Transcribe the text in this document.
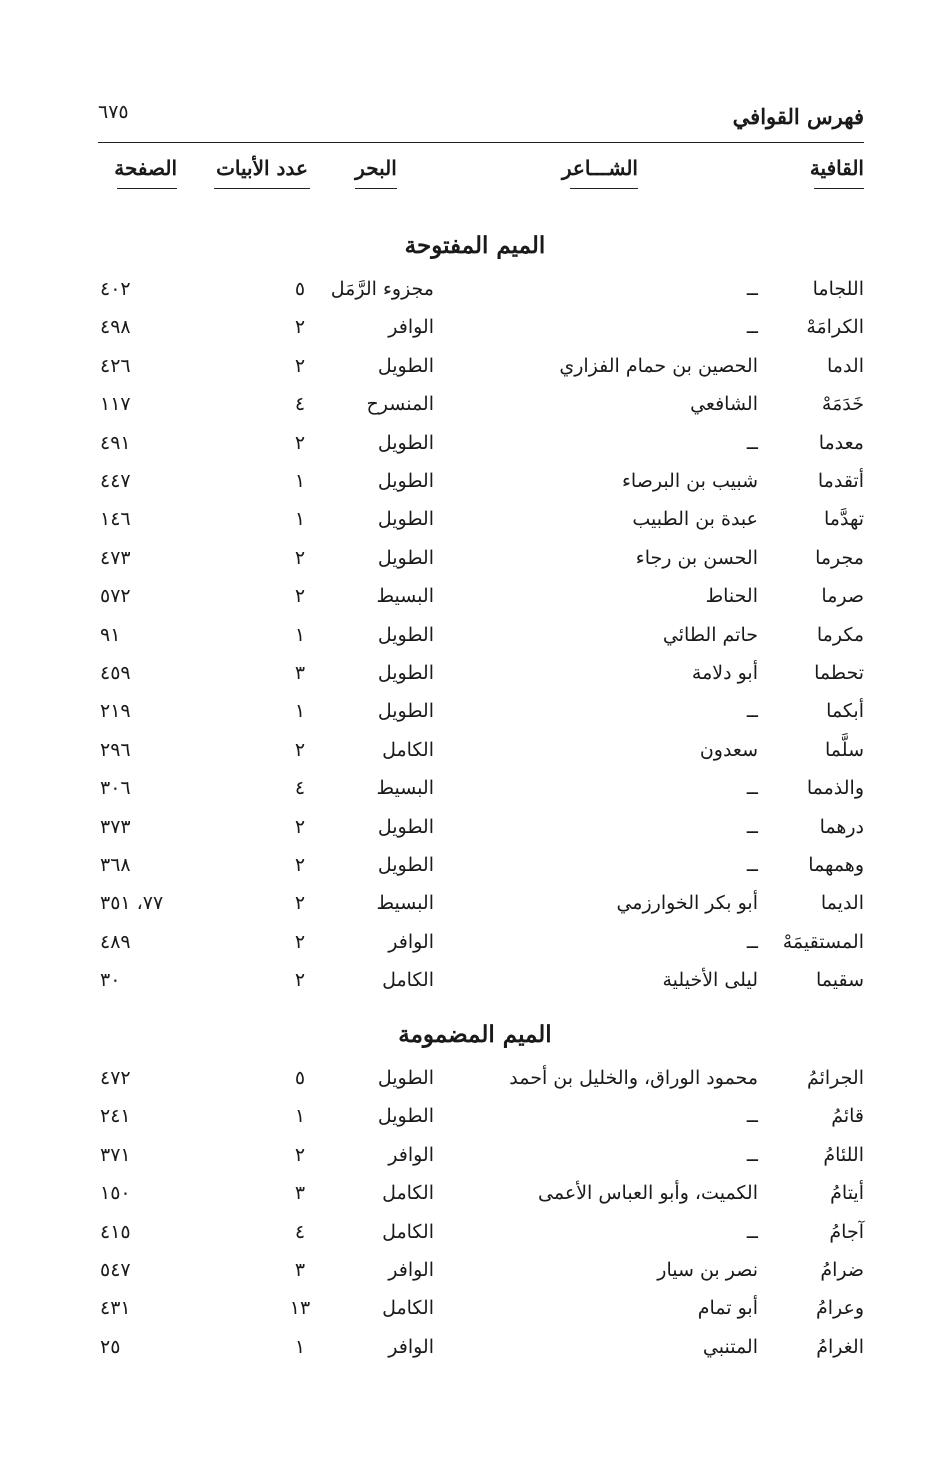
فهرس القوافي
٦٧٥
القافية
الشـــاعر
البحر
عدد الأبيات
الصفحة
الميم المفتوحة
اللجاما
ــ
مجزوء الرَّمَل
٥
٤٠٢
الكرامَهْ
ــ
الوافر
٢
٤٩٨
الدما
الحصين بن حمام الفزاري
الطويل
٢
٤٢٦
خَدَمَهْ
الشافعي
المنسرح
٤
١١٧
معدما
ــ
الطويل
٢
٤٩١
أتقدما
شبيب بن البرصاء
الطويل
١
٤٤٧
تهدَّما
عبدة بن الطبيب
الطويل
١
١٤٦
مجرما
الحسن بن رجاء
الطويل
٢
٤٧٣
صرما
الحناط
البسيط
٢
٥٧٢
مكرما
حاتم الطائي
الطويل
١
٩١
تحطما
أبو دلامة
الطويل
٣
٤٥٩
أبكما
ــ
الطويل
١
٢١٩
سلَّما
سعدون
الكامل
٢
٢٩٦
والذمما
ــ
البسيط
٤
٣٠٦
درهما
ــ
الطويل
٢
٣٧٣
وهمهما
ــ
الطويل
٢
٣٦٨
الديما
أبو بكر الخوارزمي
البسيط
٢
٧٧، ٣٥١
المستقيمَهْ
ــ
الوافر
٢
٤٨٩
سقيما
ليلى الأخيلية
الكامل
٢
٣٠
الميم المضمومة
الجرائمُ
محمود الوراق، والخليل بن أحمد
الطويل
٥
٤٧٢
قائمُ
ــ
الطويل
١
٢٤١
اللئامُ
ــ
الوافر
٢
٣٧١
أيتامُ
الكميت، وأبو العباس الأعمى
الكامل
٣
١٥٠
آجامُ
ــ
الكامل
٤
٤١٥
ضرامُ
نصر بن سيار
الوافر
٣
٥٤٧
وعرامُ
أبو تمام
الكامل
١٣
٤٣١
الغرامُ
المتنبي
الوافر
١
٢٥
